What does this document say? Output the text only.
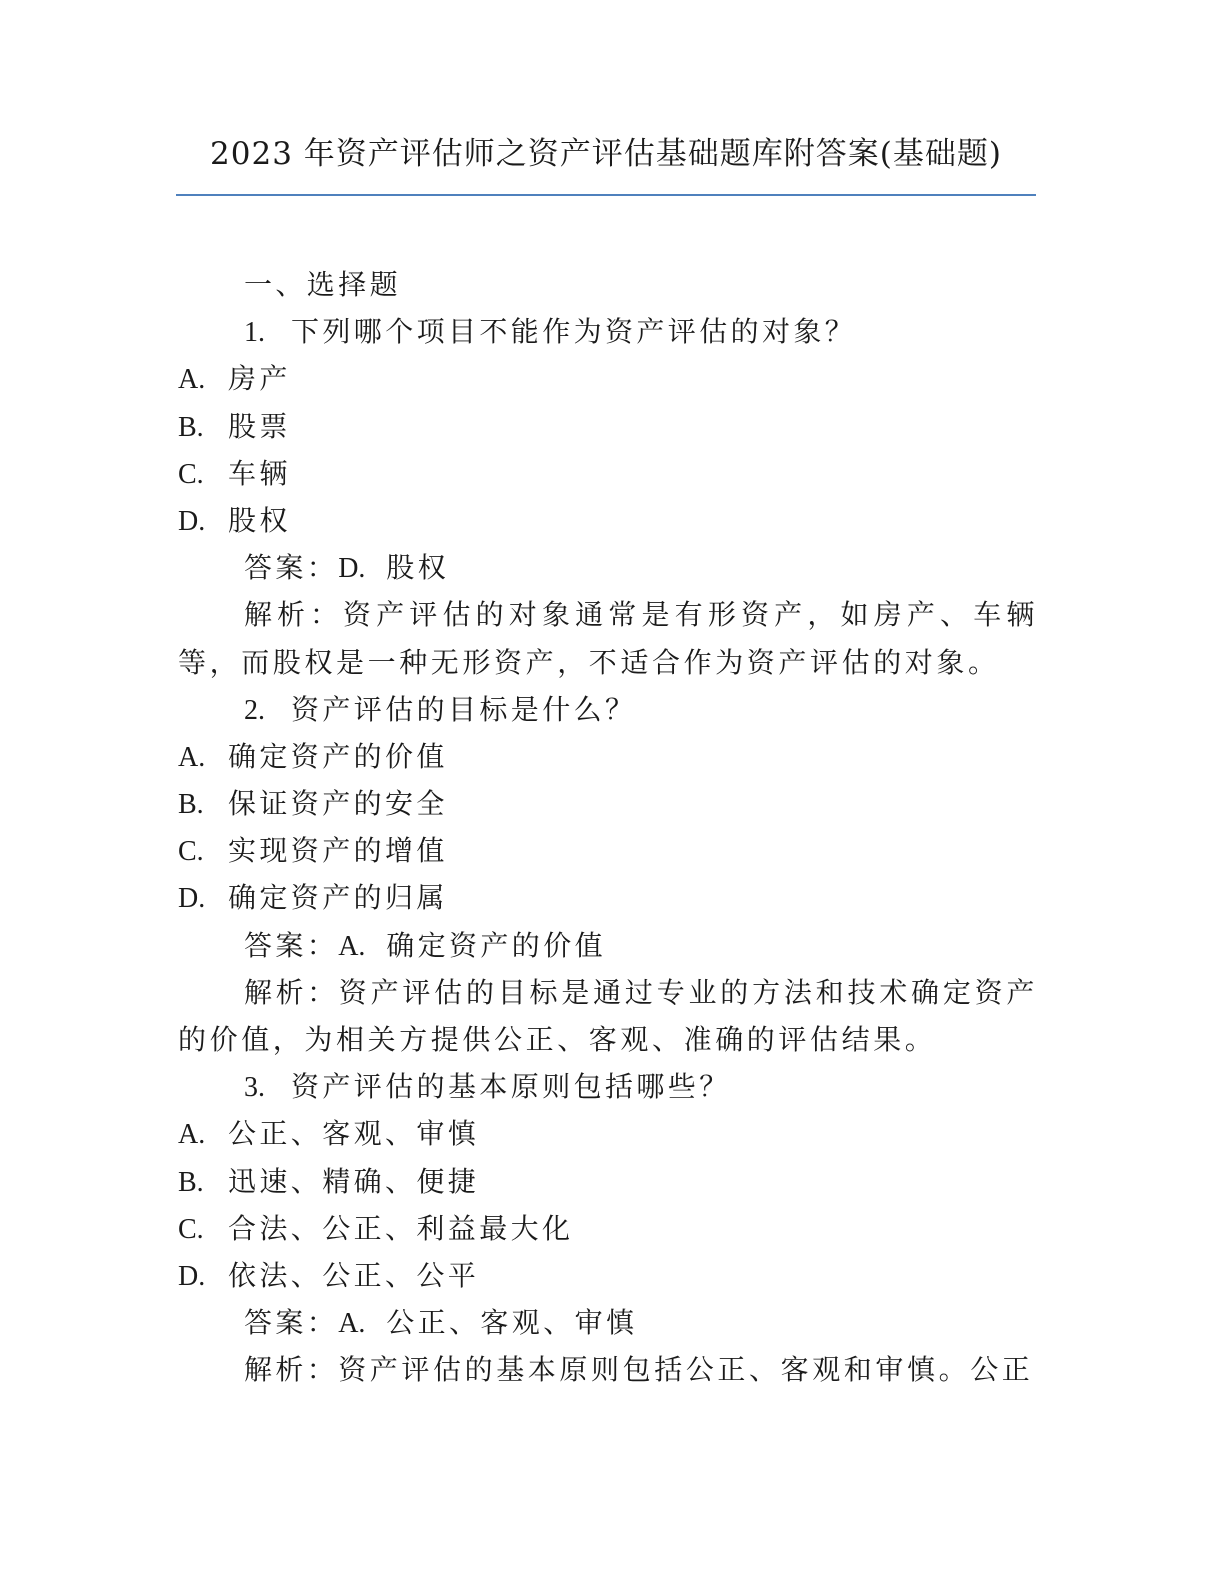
2023 年资产评估师之资产评估基础题库附答案(基础题)
一、选择题
1. 下列哪个项目不能作为资产评估的对象？
A. 房产
B. 股票
C. 车辆
D. 股权
答案：D. 股权
解析：资产评估的对象通常是有形资产，如房产、车辆等，而股权是一种无形资产，不适合作为资产评估的对象。
2. 资产评估的目标是什么？
A. 确定资产的价值
B. 保证资产的安全
C. 实现资产的增值
D. 确定资产的归属
答案：A. 确定资产的价值
解析：资产评估的目标是通过专业的方法和技术确定资产的价值，为相关方提供公正、客观、准确的评估结果。
3. 资产评估的基本原则包括哪些？
A. 公正、客观、审慎
B. 迅速、精确、便捷
C. 合法、公正、利益最大化
D. 依法、公正、公平
答案：A. 公正、客观、审慎
解析：资产评估的基本原则包括公正、客观和审慎。公正
